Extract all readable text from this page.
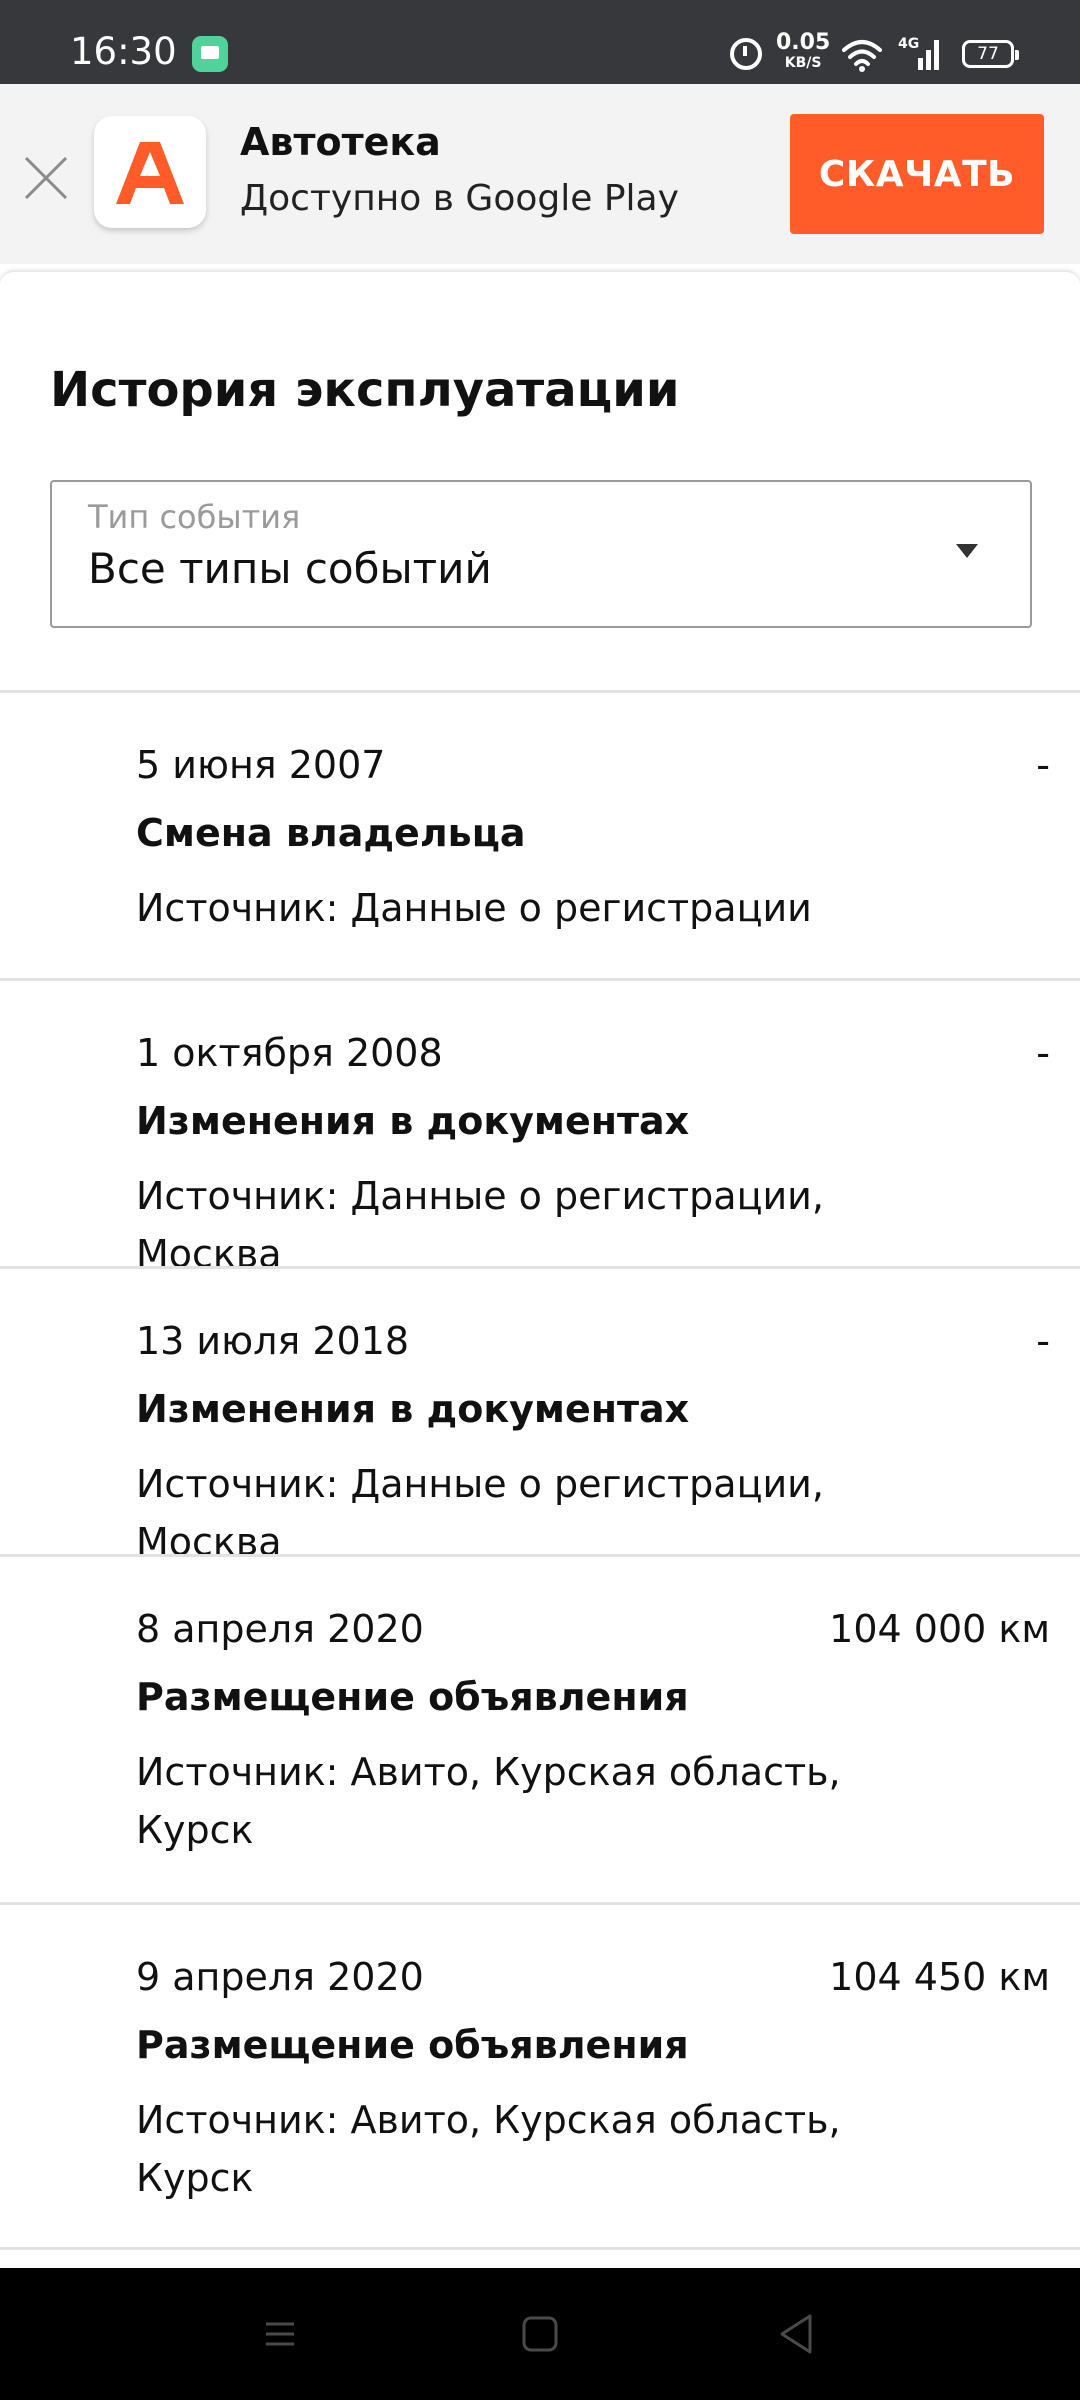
16:30	0.05
KB/S
4G	77
Автотека
Доступно в Google Play
СКАЧАТЬ
История эксплуатации
Тип события
Все типы событий
5 июня 2007	-
Смена владельца
Источник: Данные о регистрации
1 октября 2008	-
Изменения в документах
Источник: Данные о регистрации, Москва
13 июля 2018	-
Изменения в документах
Источник: Данные о регистрации, Москва
8 апреля 2020	104 000 км
Размещение объявления
Источник: Авито, Курская область, Курск
9 апреля 2020	104 450 км
Размещение объявления
Источник: Авито, Курская область, Курск
